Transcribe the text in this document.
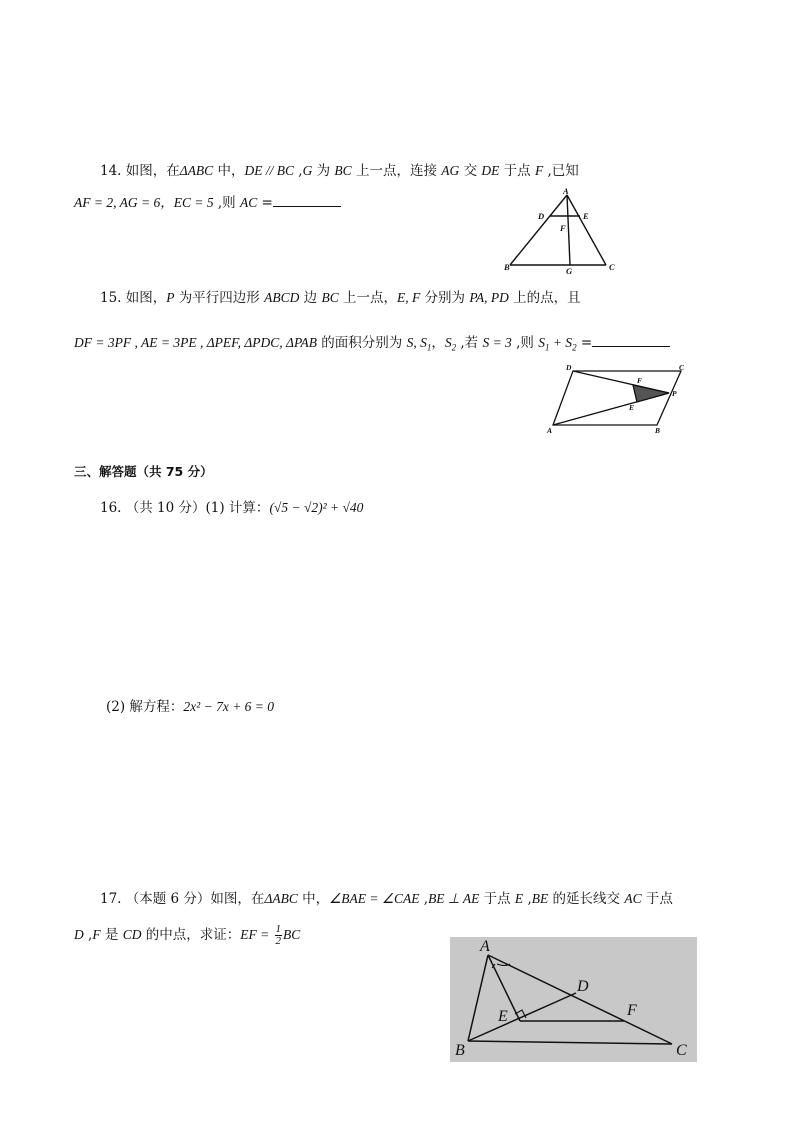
14. 如图，在ΔABC 中，DE // BC ,G 为 BC 上一点，连接 AG 交 DE 于点 F ,已知
AF = 2, AG = 6，EC = 5 ,则 AC =
A
D	E
F
B	G	C
15. 如图，P 为平行四边形 ABCD 边 BC 上一点，E, F 分别为 PA, PD 上的点，且
DF = 3PF , AE = 3PE , ΔPEF, ΔPDC, ΔPAB 的面积分别为 S, $S_1$，$S_2$ ,若 S = 3 ,则 $S_1 + S_2$ =
D	C
F
P
E
A	B
三、解答题（共 75 分）
16. （共 10 分）(1) 计算：(√5 − √2)² + √40
(2) 解方程：2x² − 7x + 6 = 0
17. （本题 6 分）如图，在ΔABC 中，∠BAE = ∠CAE ,BE ⊥ AE 于点 E ,BE 的延长线交 AC 于点
D ,F 是 CD 的中点，求证：EF = $\frac{1}{2}$ BC
A
D
E	F
B	C
